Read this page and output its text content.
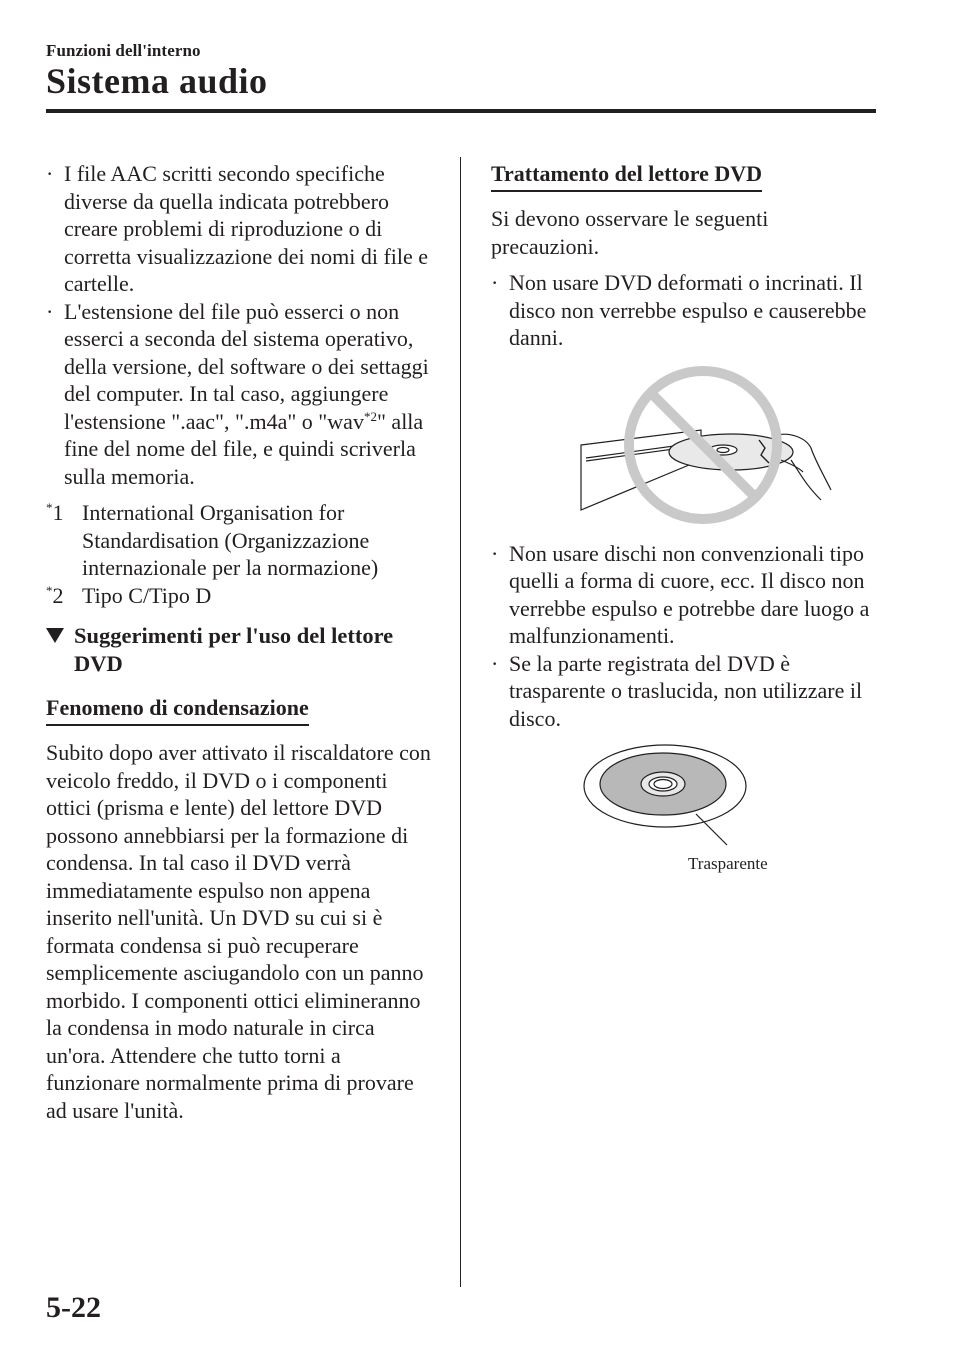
Funzioni dell'interno
Sistema audio
· I file AAC scritti secondo specifiche diverse da quella indicata potrebbero creare problemi di riproduzione o di corretta visualizzazione dei nomi di file e cartelle.
· L'estensione del file può esserci o non esserci a seconda del sistema operativo, della versione, del software o dei settaggi del computer. In tal caso, aggiungere l'estensione ".aac", ".m4a" o "wav$^{*2}$" alla fine del nome del file, e quindi scriverla sulla memoria.
*1 International Organisation for Standardisation (Organizzazione internazionale per la normazione)
*2 Tipo C/Tipo D
Suggerimenti per l'uso del lettore DVD
Fenomeno di condensazione
Subito dopo aver attivato il riscaldatore con veicolo freddo, il DVD o i componenti ottici (prisma e lente) del lettore DVD possono annebbiarsi per la formazione di condensa. In tal caso il DVD verrà immediatamente espulso non appena inserito nell'unità. Un DVD su cui si è formata condensa si può recuperare semplicemente asciugandolo con un panno morbido. I componenti ottici elimineranno la condensa in modo naturale in circa un'ora. Attendere che tutto torni a funzionare normalmente prima di provare ad usare l'unità.
Trattamento del lettore DVD
Si devono osservare le seguenti precauzioni.
· Non usare DVD deformati o incrinati. Il disco non verrebbe espulso e causerebbe danni.
· Non usare dischi non convenzionali tipo quelli a forma di cuore, ecc. Il disco non verrebbe espulso e potrebbe dare luogo a malfunzionamenti.
· Se la parte registrata del DVD è trasparente o traslucida, non utilizzare il disco.
Trasparente
5-22
